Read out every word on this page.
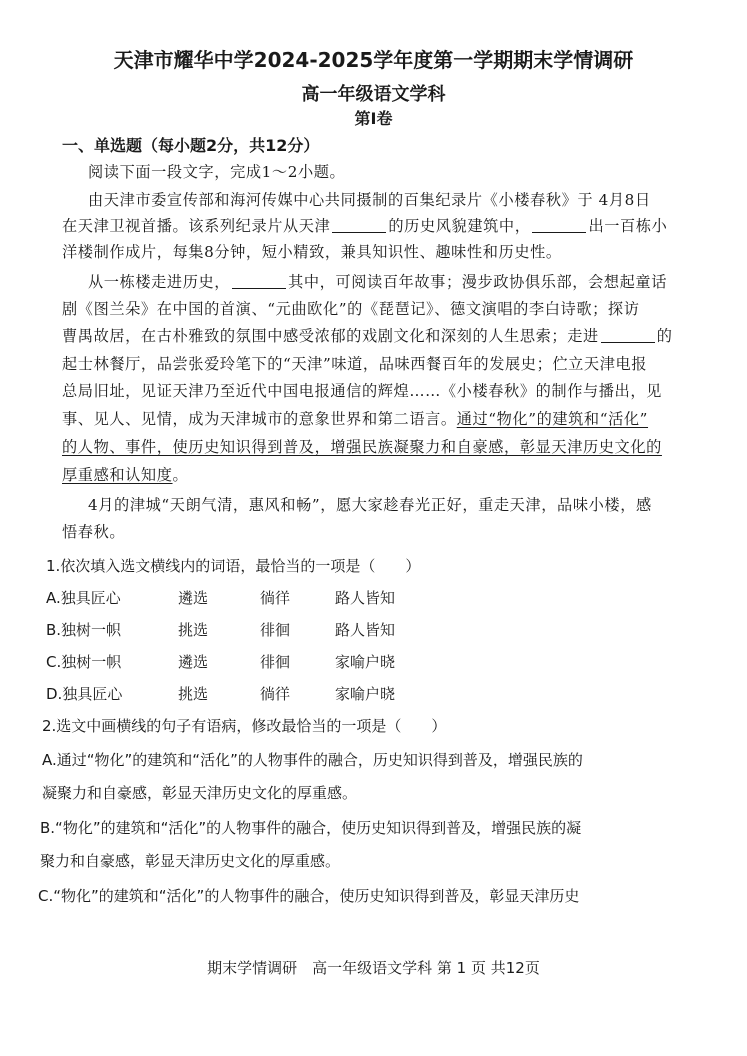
天津市耀华中学2024-2025学年度第一学期期末学情调研
高一年级语文学科
第Ⅰ卷
一、单选题（每小题2分，共12分）
阅读下面一段文字，完成1～2小题。
由天津市委宣传部和海河传媒中心共同摄制的百集纪录片《小楼春秋》于 4月8日
在天津卫视首播。该系列纪录片从天津	的历史风貌建筑中，	出一百栋小
洋楼制作成片，每集8分钟，短小精致，兼具知识性、趣味性和历史性。
从一栋楼走进历史，	其中，可阅读百年故事；漫步政协俱乐部，会想起童话
剧《图兰朵》在中国的首演、“元曲欧化”的《琵琶记》、德文演唱的李白诗歌；探访
曹禺故居，在古朴雅致的氛围中感受浓郁的戏剧文化和深刻的人生思索；走进	的
起士林餐厅，品尝张爱玲笔下的“天津”味道，品味西餐百年的发展史；伫立天津电报
总局旧址，见证天津乃至近代中国电报通信的辉煌……《小楼春秋》的制作与播出，见
事、见人、见情，成为天津城市的意象世界和第二语言。通过“物化”的建筑和“活化”
的人物、事件，使历史知识得到普及，增强民族凝聚力和自豪感，彰显天津历史文化的
厚重感和认知度。
4月的津城“天朗气清，惠风和畅”，愿大家趁春光正好，重走天津，品味小楼，感
悟春秋。
1.依次填入选文横线内的词语，最恰当的一项是（　　）
A.独具匠心	遴选	徜徉	路人皆知
B.独树一帜	挑选	徘徊	路人皆知
C.独树一帜	遴选	徘徊	家喻户晓
D.独具匠心	挑选	徜徉	家喻户晓
2.选文中画横线的句子有语病，修改最恰当的一项是（　　）
A.通过“物化”的建筑和“活化”的人物事件的融合，历史知识得到普及，增强民族的
凝聚力和自豪感，彰显天津历史文化的厚重感。
B.“物化”的建筑和“活化”的人物事件的融合，使历史知识得到普及，增强民族的凝
聚力和自豪感，彰显天津历史文化的厚重感。
C.“物化”的建筑和“活化”的人物事件的融合，使历史知识得到普及，彰显天津历史
期末学情调研　高一年级语文学科 第 1 页 共12页
